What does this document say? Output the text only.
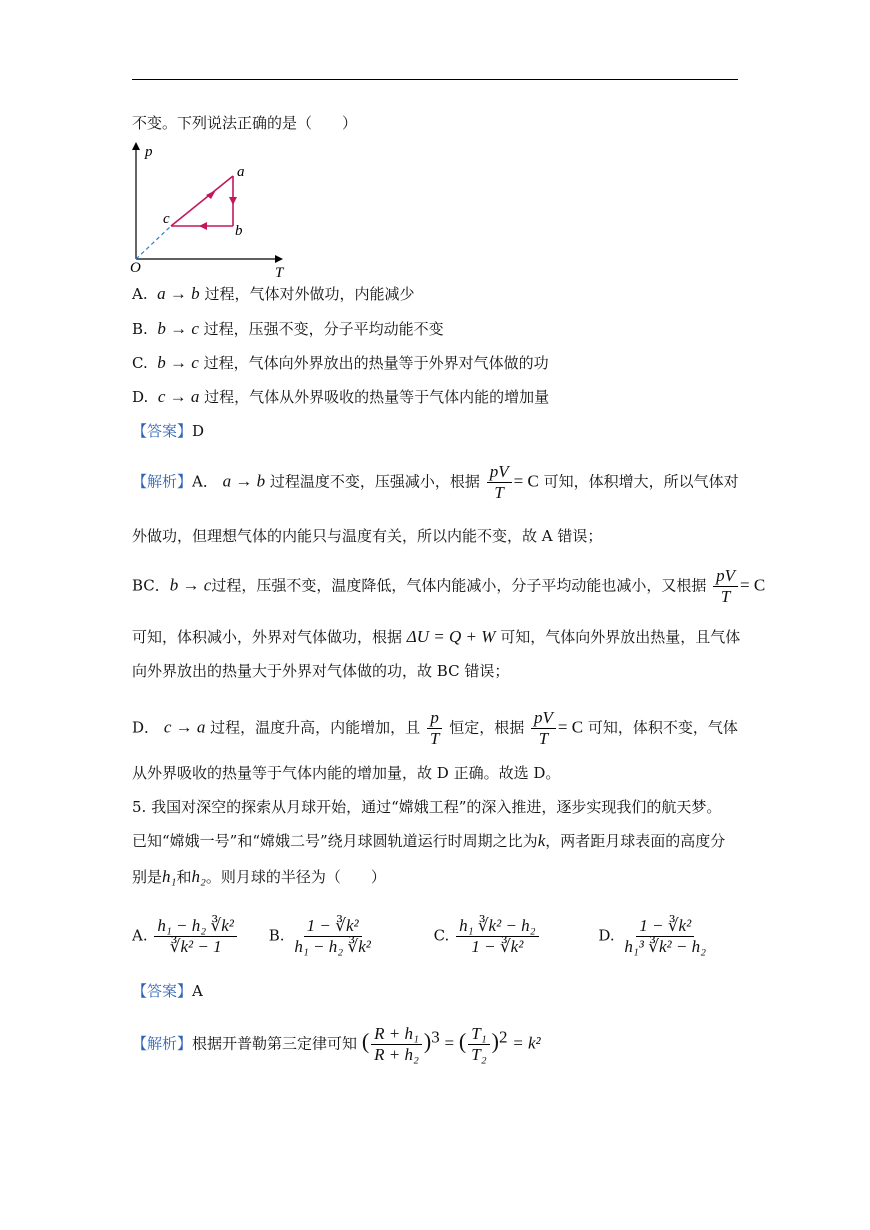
不变。下列说法正确的是（　　）
p
T
O
a
b
c
A. a → b 过程，气体对外做功，内能减少
B. b → c 过程，压强不变，分子平均动能不变
C. b → c 过程，气体向外界放出的热量等于外界对气体做的功
D. c → a 过程，气体从外界吸收的热量等于气体内能的增加量
【答案】D
【解析】A． a → b 过程温度不变，压强减小，根据 $\frac{pV}{T} = C$ 可知，体积增大，所以气体对
外做功，但理想气体的内能只与温度有关，所以内能不变，故 A 错误；
BC．b → c过程，压强不变，温度降低，气体内能减小，分子平均动能也减小，又根据 $\frac{pV}{T} = C$
可知，体积减小，外界对气体做功，根据 ΔU = Q + W 可知，气体向外界放出热量，且气体
向外界放出的热量大于外界对气体做的功，故 BC 错误；
D． c → a 过程，温度升高，内能增加，且 $\frac{p}{T}$ 恒定，根据 $\frac{pV}{T} = C$ 可知，体积不变，气体
从外界吸收的热量等于气体内能的增加量，故 D 正确。故选 D。
5. 我国对深空的探索从月球开始，通过“嫦娥工程”的深入推进，逐步实现我们的航天梦。
已知“嫦娥一号”和“嫦娥二号”绕月球圆轨道运行时周期之比为k，两者距月球表面的高度分
别是h₁和h₂。则月球的半径为（　　）
A. $\frac{\text{h₁ − h₂ ∛k²}}{\text{∛k² − 1}} B$. $\frac{\text{1 − ∛k²}}{\text{h₁ − h₂ ∛k²}}$	C. $\frac{\text{h₁ ∛k² − h₂}}{\text{1 − ∛k²}}$	D. $\frac{\text{1 − ∛k²}}{\text{h₁³ ∛k² − h₂}}$
【答案】A
【解析】根据开普勒第三定律可知 ( $\frac{\text{R + h₁}}{\text{R + h₂}} )^3$ = ( $\frac{\text{T₁}}{\text{T₂}} )^2 = k^2$
